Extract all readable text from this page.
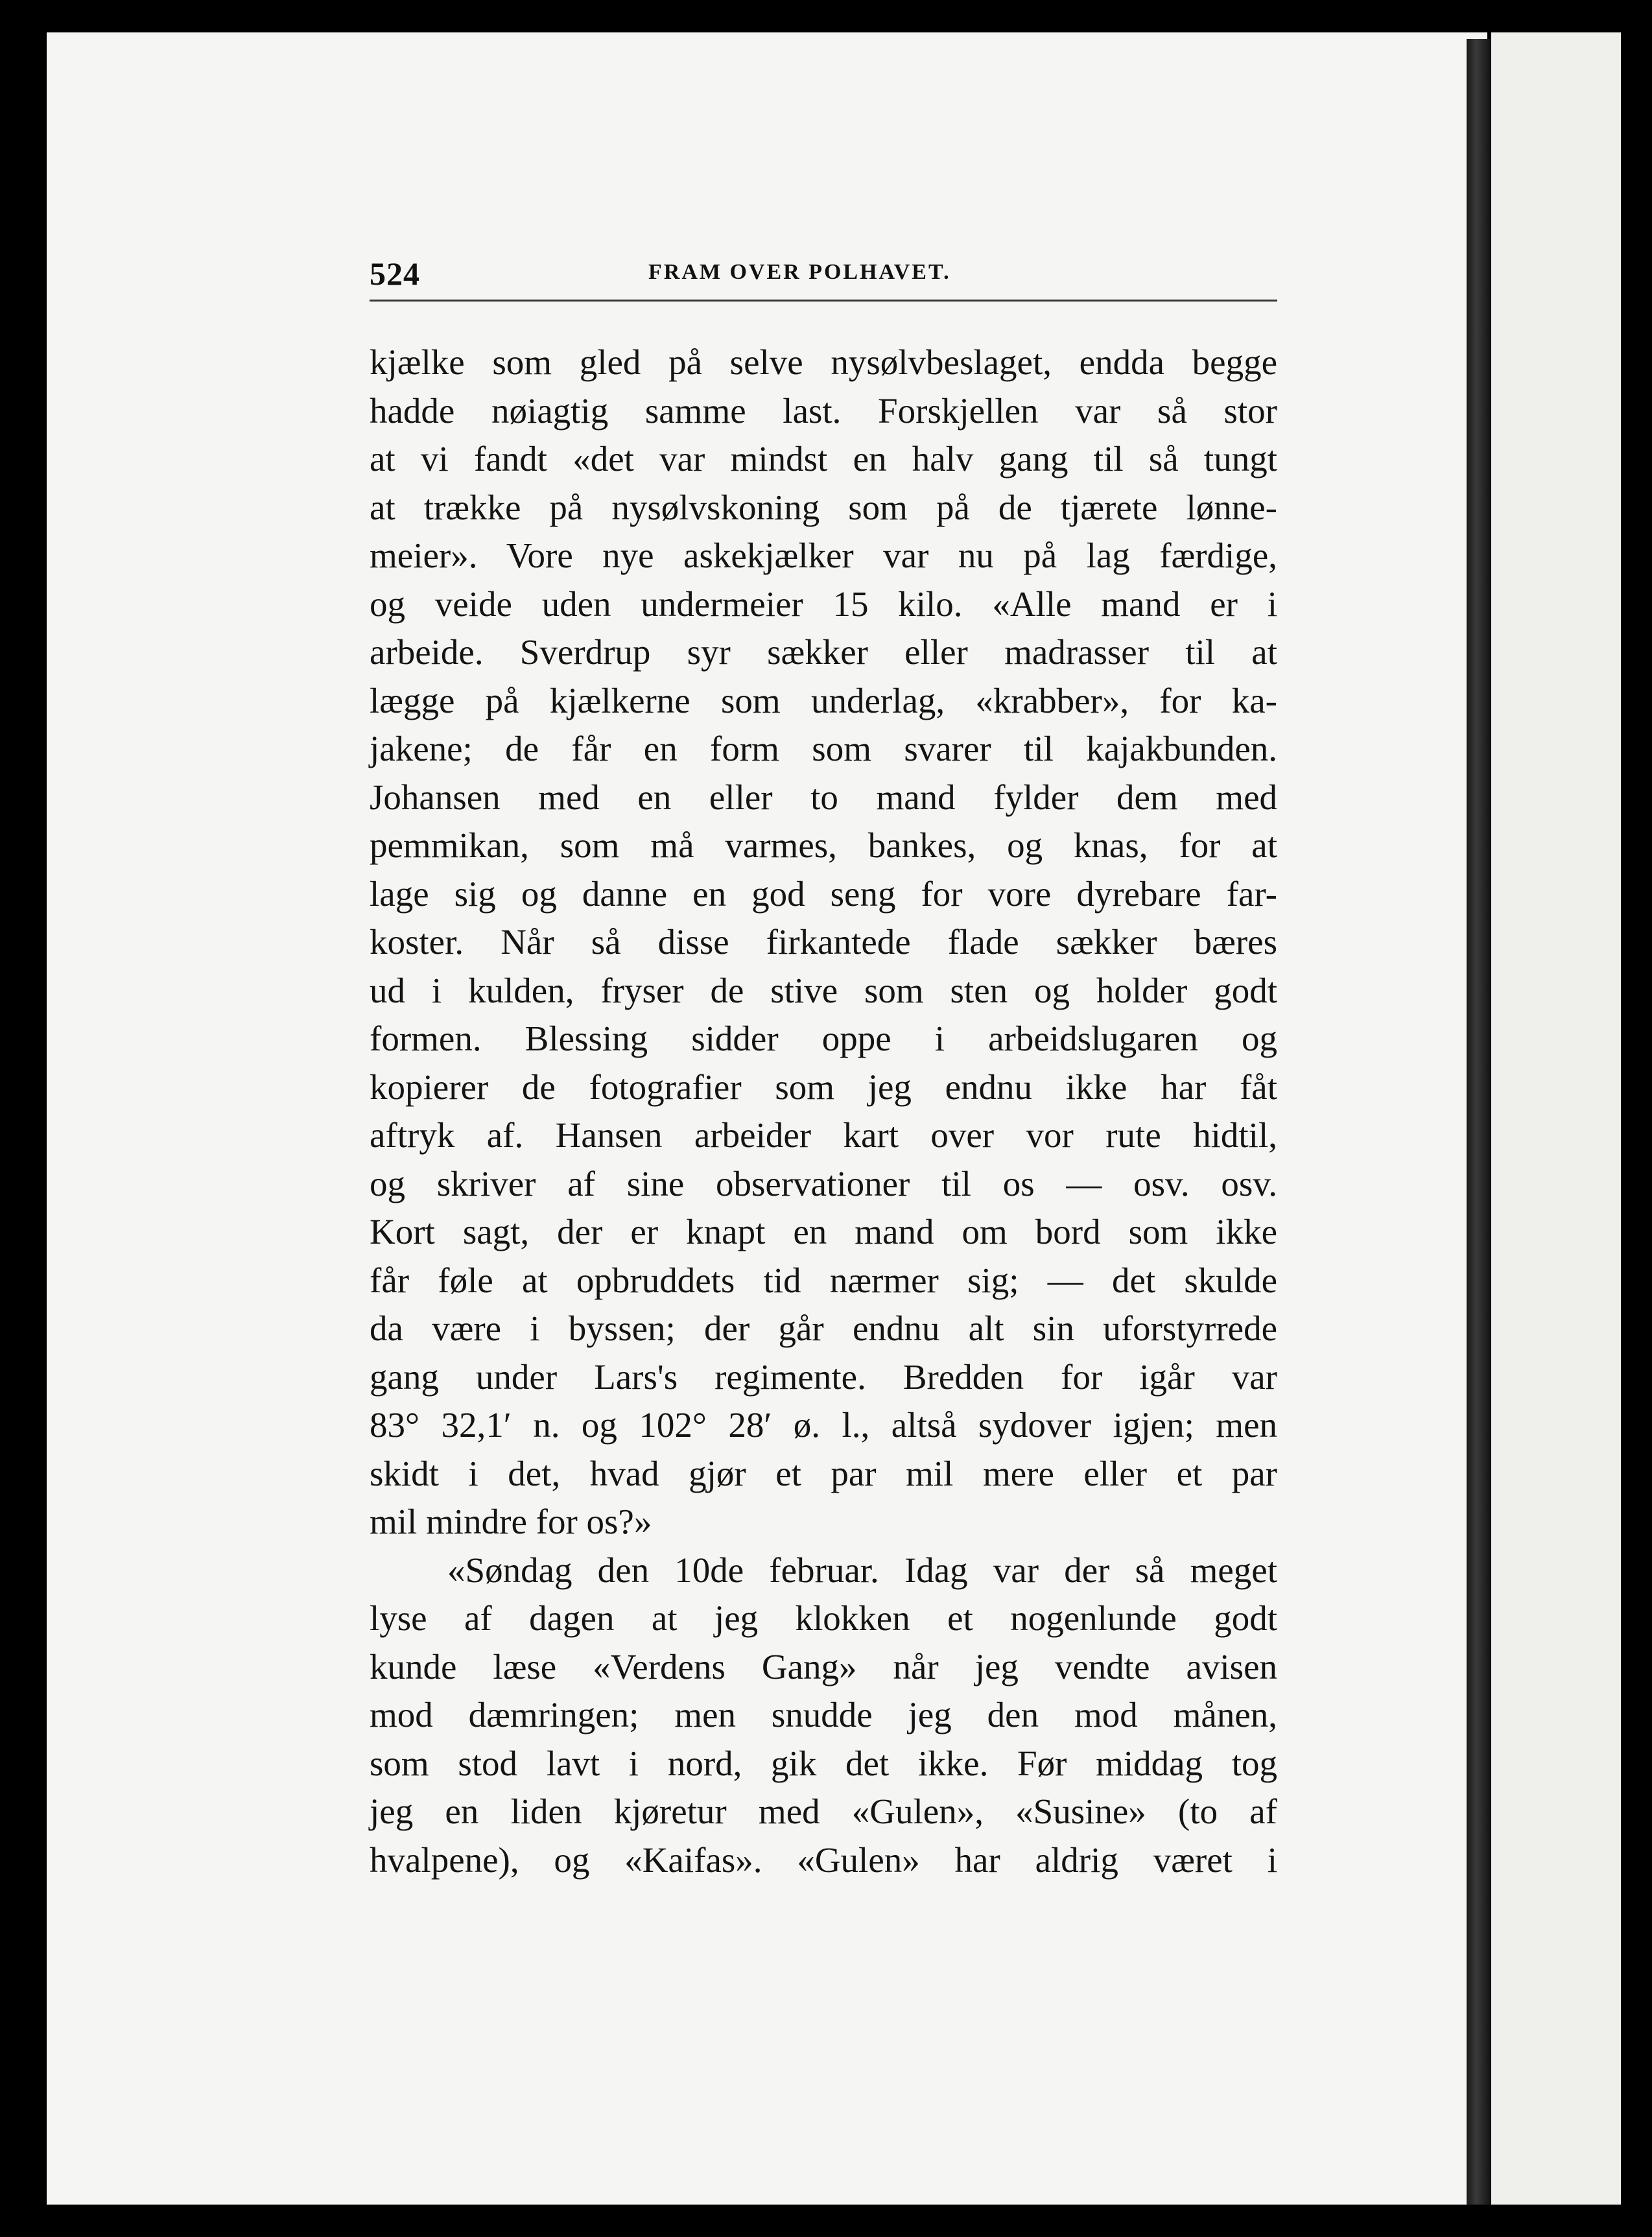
524	FRAM OVER POLHAVET.
kjælke som gled på selve nysølvbeslaget, endda begge
hadde nøiagtig samme last. Forskjellen var så stor
at vi fandt «det var mindst en halv gang til så tungt
at trække på nysølvskoning som på de tjærete lønne-
meier». Vore nye askekjælker var nu på lag færdige,
og veide uden undermeier 15 kilo. «Alle mand er i
arbeide. Sverdrup syr sækker eller madrasser til at
lægge på kjælkerne som underlag, «krabber», for ka-
jakene; de får en form som svarer til kajakbunden.
Johansen med en eller to mand fylder dem med
pemmikan, som må varmes, bankes, og knas, for at
lage sig og danne en god seng for vore dyrebare far-
koster. Når så disse firkantede flade sækker bæres
ud i kulden, fryser de stive som sten og holder godt
formen. Blessing sidder oppe i arbeidslugaren og
kopierer de fotografier som jeg endnu ikke har fåt
aftryk af. Hansen arbeider kart over vor rute hidtil,
og skriver af sine observationer til os — osv. osv.
Kort sagt, der er knapt en mand om bord som ikke
får føle at opbruddets tid nærmer sig; — det skulde
da være i byssen; der går endnu alt sin uforstyrrede
gang under Lars's regimente. Bredden for igår var
83° 32,1′ n. og 102° 28′ ø. l., altså sydover igjen; men
skidt i det, hvad gjør et par mil mere eller et par
mil mindre for os?»
«Søndag den 10de februar. Idag var der så meget
lyse af dagen at jeg klokken et nogenlunde godt
kunde læse «Verdens Gang» når jeg vendte avisen
mod dæmringen; men snudde jeg den mod månen,
som stod lavt i nord, gik det ikke. Før middag tog
jeg en liden kjøretur med «Gulen», «Susine» (to af
hvalpene), og «Kaifas». «Gulen» har aldrig været i
